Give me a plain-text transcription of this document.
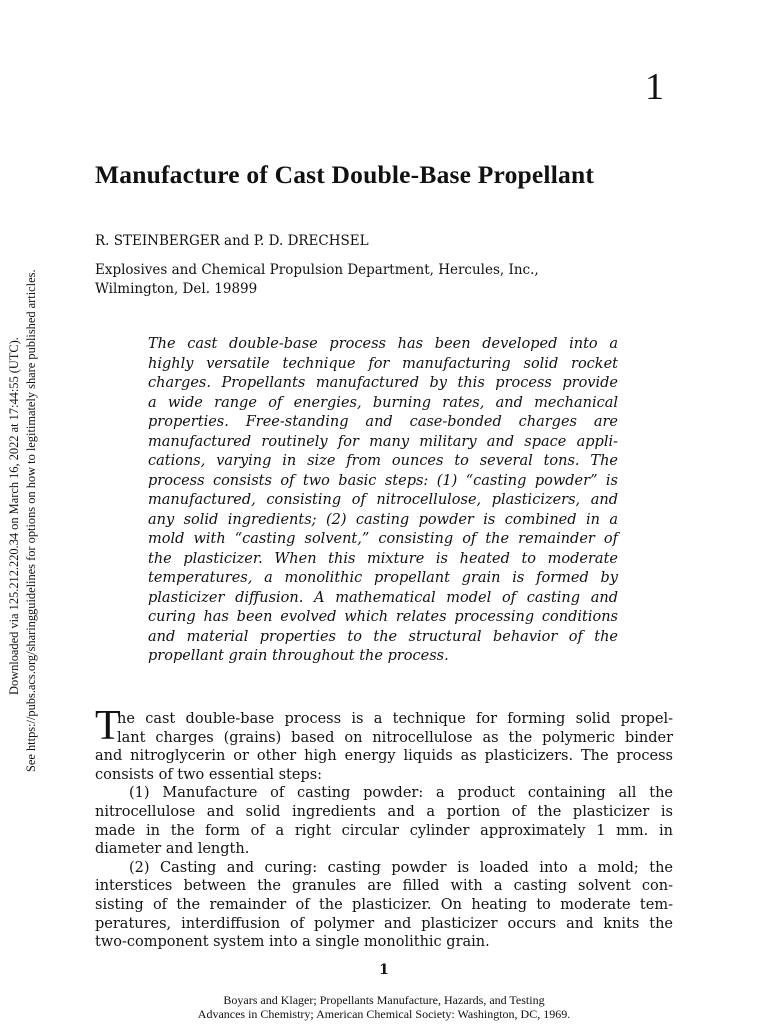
Downloaded via 125.212.220.34 on March 16, 2022 at 17:44:55 (UTC). See https://pubs.acs.org/sharingguidelines for options on how to legitimately share published articles.
1
Manufacture of Cast Double-Base Propellant
R. STEINBERGER and P. D. DRECHSEL
Explosives and Chemical Propulsion Department, Hercules, Inc.,
Wilmington, Del. 19899
The cast double-base process has been developed into a
highly versatile technique for manufacturing solid rocket
charges. Propellants manufactured by this process provide
a wide range of energies, burning rates, and mechanical
properties. Free-standing and case-bonded charges are
manufactured routinely for many military and space appli-
cations, varying in size from ounces to several tons. The
process consists of two basic steps: (1) “casting powder” is
manufactured, consisting of nitrocellulose, plasticizers, and
any solid ingredients; (2) casting powder is combined in a
mold with “casting solvent,” consisting of the remainder of
the plasticizer. When this mixture is heated to moderate
temperatures, a monolithic propellant grain is formed by
plasticizer diffusion. A mathematical model of casting and
curing has been evolved which relates processing conditions
and material properties to the structural behavior of the
propellant grain throughout the process.
T
he cast double-base process is a technique for forming solid propel-
lant charges (grains) based on nitrocellulose as the polymeric binder
and nitroglycerin or other high energy liquids as plasticizers. The process
consists of two essential steps:
(1) Manufacture of casting powder: a product containing all the
nitrocellulose and solid ingredients and a portion of the plasticizer is
made in the form of a right circular cylinder approximately 1 mm. in
diameter and length.
(2) Casting and curing: casting powder is loaded into a mold; the
interstices between the granules are filled with a casting solvent con-
sisting of the remainder of the plasticizer. On heating to moderate tem-
peratures, interdiffusion of polymer and plasticizer occurs and knits the
two-component system into a single monolithic grain.
1
Boyars and Klager; Propellants Manufacture, Hazards, and Testing
Advances in Chemistry; American Chemical Society: Washington, DC, 1969.
